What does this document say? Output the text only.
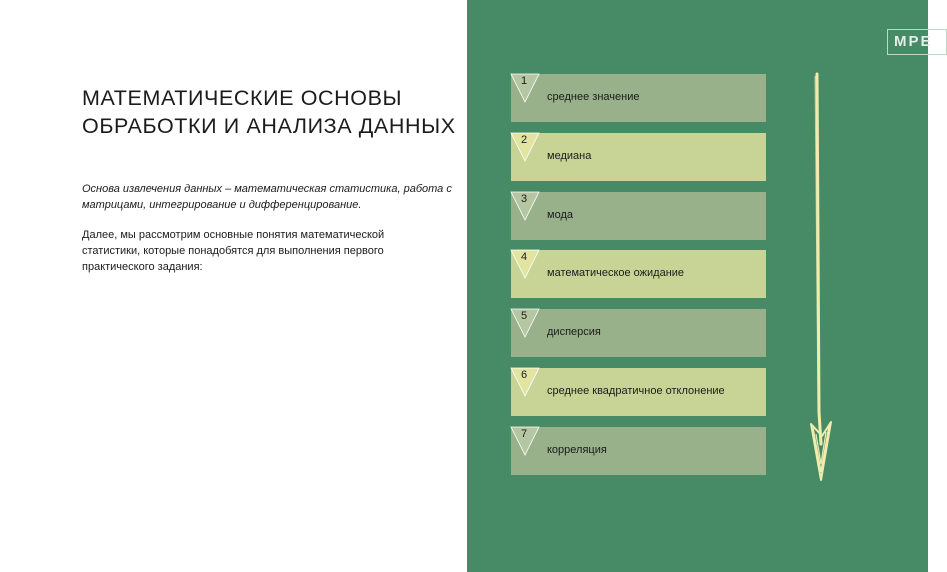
МАТЕМАТИЧЕСКИЕ ОСНОВЫ ОБРАБОТКИ И АНАЛИЗА ДАННЫХ

Основа извлечения данных – математическая статистика, работа с матрицами, интегрирование и дифференцирование.

Далее, мы рассмотрим основные понятия математической статистики, которые понадобятся для выполнения первого практического задания:

МРЕ
1
среднее значение
2
медиана
3
мода
4
математическое ожидание
5
дисперсия
6
среднее квадратичное отклонение
7
корреляция
